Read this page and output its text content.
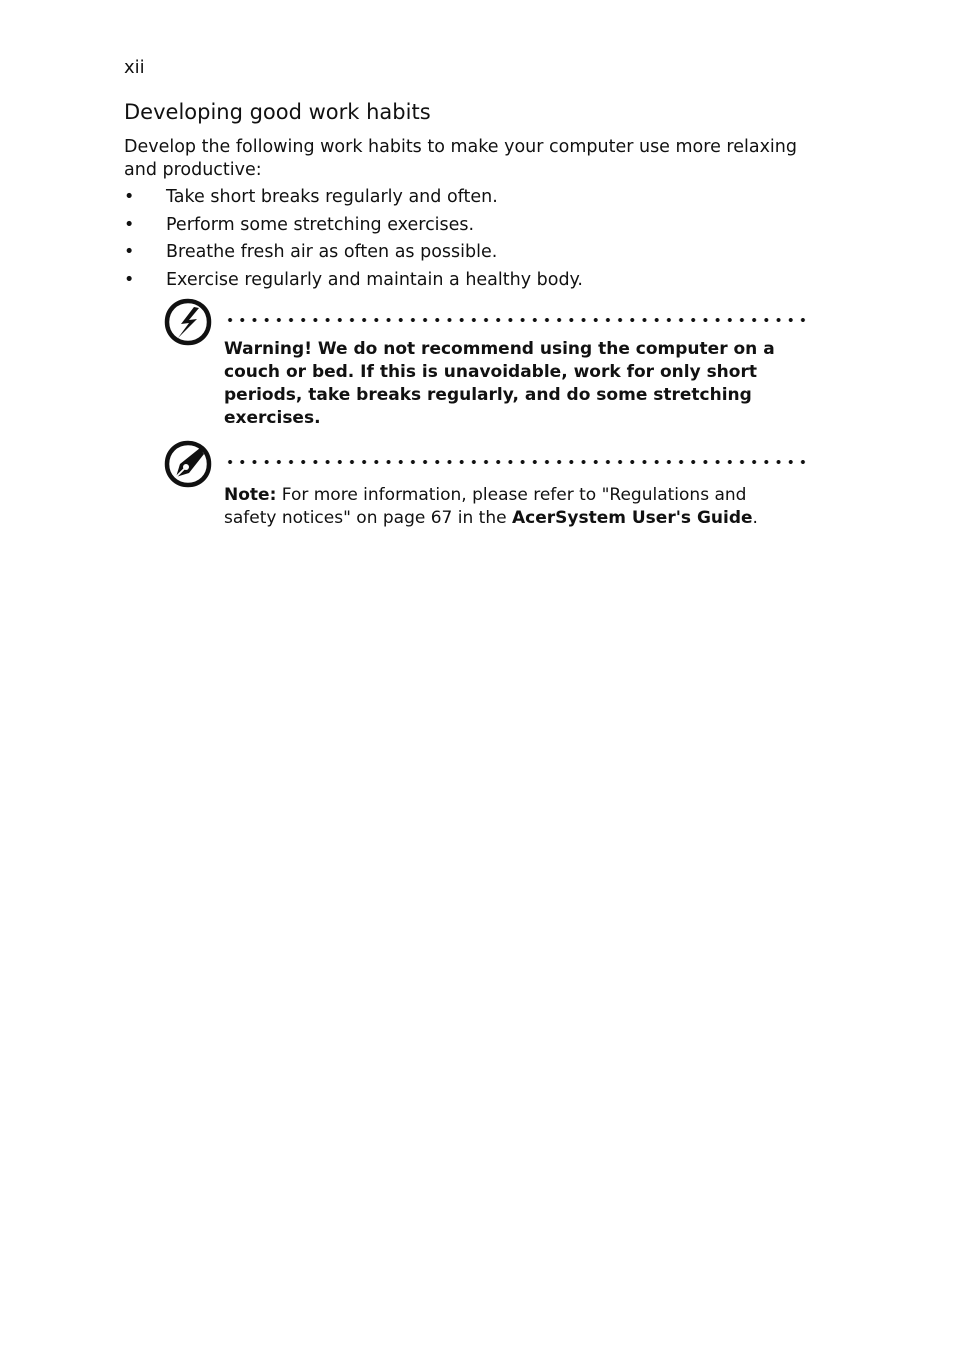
xii
Developing good work habits

Develop the following work habits to make your computer use more relaxing and productive:

• Take short breaks regularly and often.
• Perform some stretching exercises.
• Breathe fresh air as often as possible.
• Exercise regularly and maintain a healthy body.

Warning! We do not recommend using the computer on a couch or bed. If this is unavoidable, work for only short periods, take breaks regularly, and do some stretching exercises.

Note: For more information, please refer to "Regulations and safety notices" on page 67 in the AcerSystem User's Guide.
